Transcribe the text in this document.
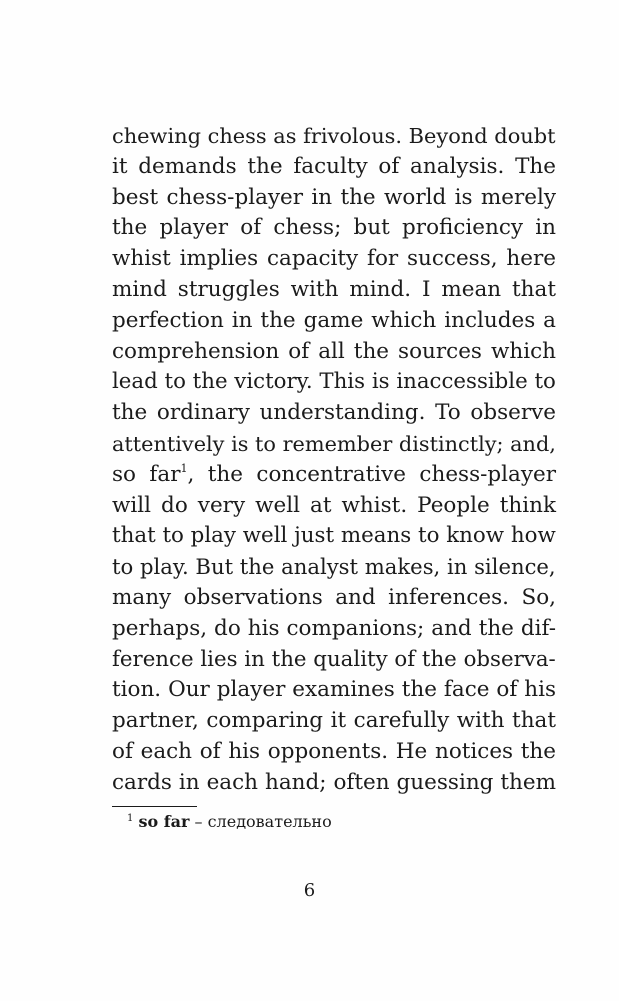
chewing chess as frivolous. Beyond doubt
it demands the faculty of analysis. The
best chess-player in the world is merely
the player of chess; but proficiency in
whist implies capacity for success, here
mind struggles with mind. I mean that
perfection in the game which includes a
comprehension of all the sources which
lead to the victory. This is inaccessible to
the ordinary understanding. To observe
attentively is to remember distinctly; and,
so far$^1$, the concentrative chess-player
will do very well at whist. People think
that to play well just means to know how
to play. But the analyst makes, in silence,
many observations and inferences. So,
perhaps, do his companions; and the dif-
ference lies in the quality of the observa-
tion. Our player examines the face of his
partner, comparing it carefully with that
of each of his opponents. He notices the
cards in each hand; often guessing them
$^1$ so far – следовательно
6
